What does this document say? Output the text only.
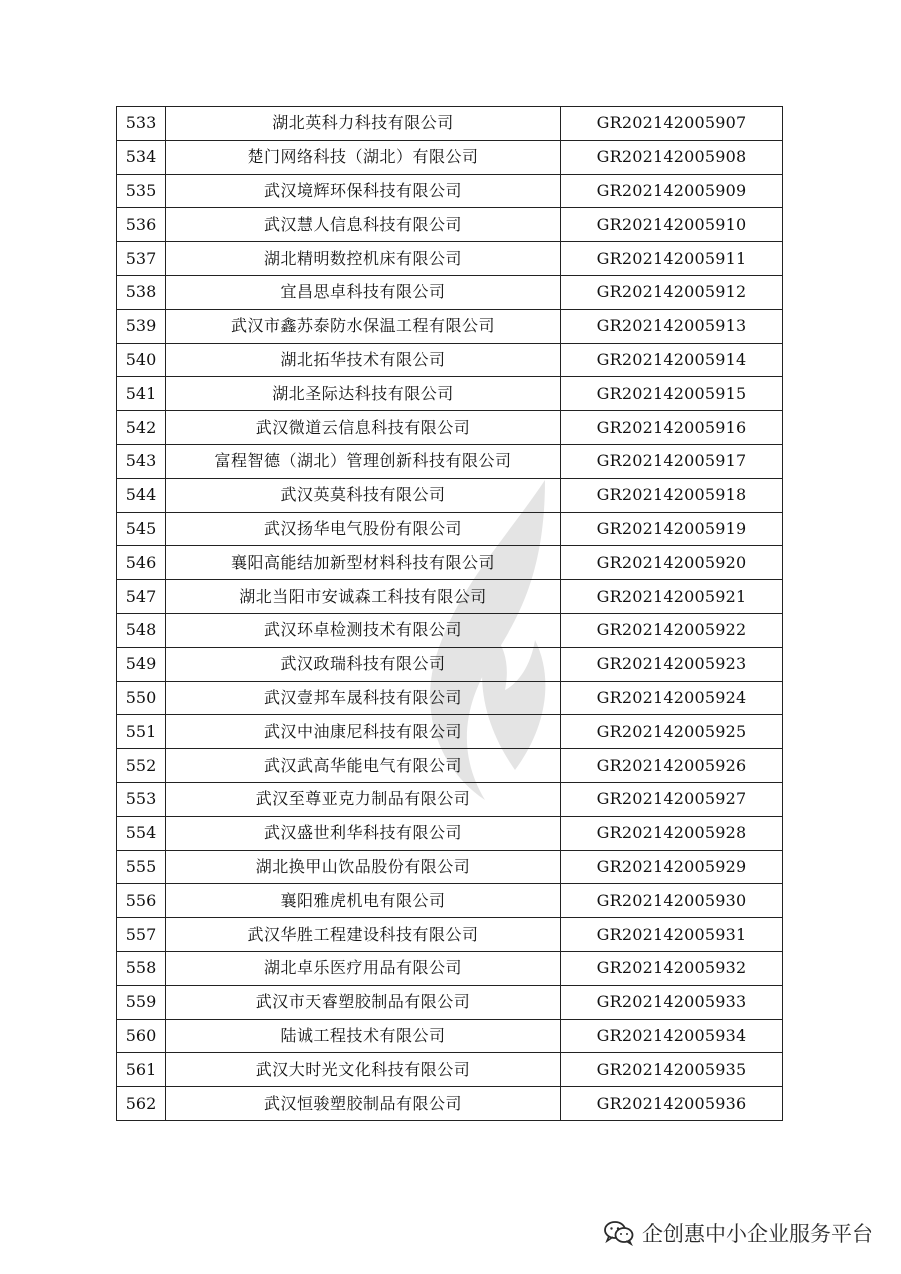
533	湖北英科力科技有限公司	GR202142005907
534	楚门网络科技（湖北）有限公司	GR202142005908
535	武汉境辉环保科技有限公司	GR202142005909
536	武汉慧人信息科技有限公司	GR202142005910
537	湖北精明数控机床有限公司	GR202142005911
538	宜昌思卓科技有限公司	GR202142005912
539	武汉市鑫苏泰防水保温工程有限公司	GR202142005913
540	湖北拓华技术有限公司	GR202142005914
541	湖北圣际达科技有限公司	GR202142005915
542	武汉微道云信息科技有限公司	GR202142005916
543	富程智德（湖北）管理创新科技有限公司	GR202142005917
544	武汉英莫科技有限公司	GR202142005918
545	武汉扬华电气股份有限公司	GR202142005919
546	襄阳高能结加新型材料科技有限公司	GR202142005920
547	湖北当阳市安诚森工科技有限公司	GR202142005921
548	武汉环卓检测技术有限公司	GR202142005922
549	武汉政瑞科技有限公司	GR202142005923
550	武汉壹邦车晟科技有限公司	GR202142005924
551	武汉中油康尼科技有限公司	GR202142005925
552	武汉武高华能电气有限公司	GR202142005926
553	武汉至尊亚克力制品有限公司	GR202142005927
554	武汉盛世利华科技有限公司	GR202142005928
555	湖北换甲山饮品股份有限公司	GR202142005929
556	襄阳雅虎机电有限公司	GR202142005930
557	武汉华胜工程建设科技有限公司	GR202142005931
558	湖北卓乐医疗用品有限公司	GR202142005932
559	武汉市天睿塑胶制品有限公司	GR202142005933
560	陆诚工程技术有限公司	GR202142005934
561	武汉大时光文化科技有限公司	GR202142005935
562	武汉恒骏塑胶制品有限公司	GR202142005936
企创惠中小企业服务平台
